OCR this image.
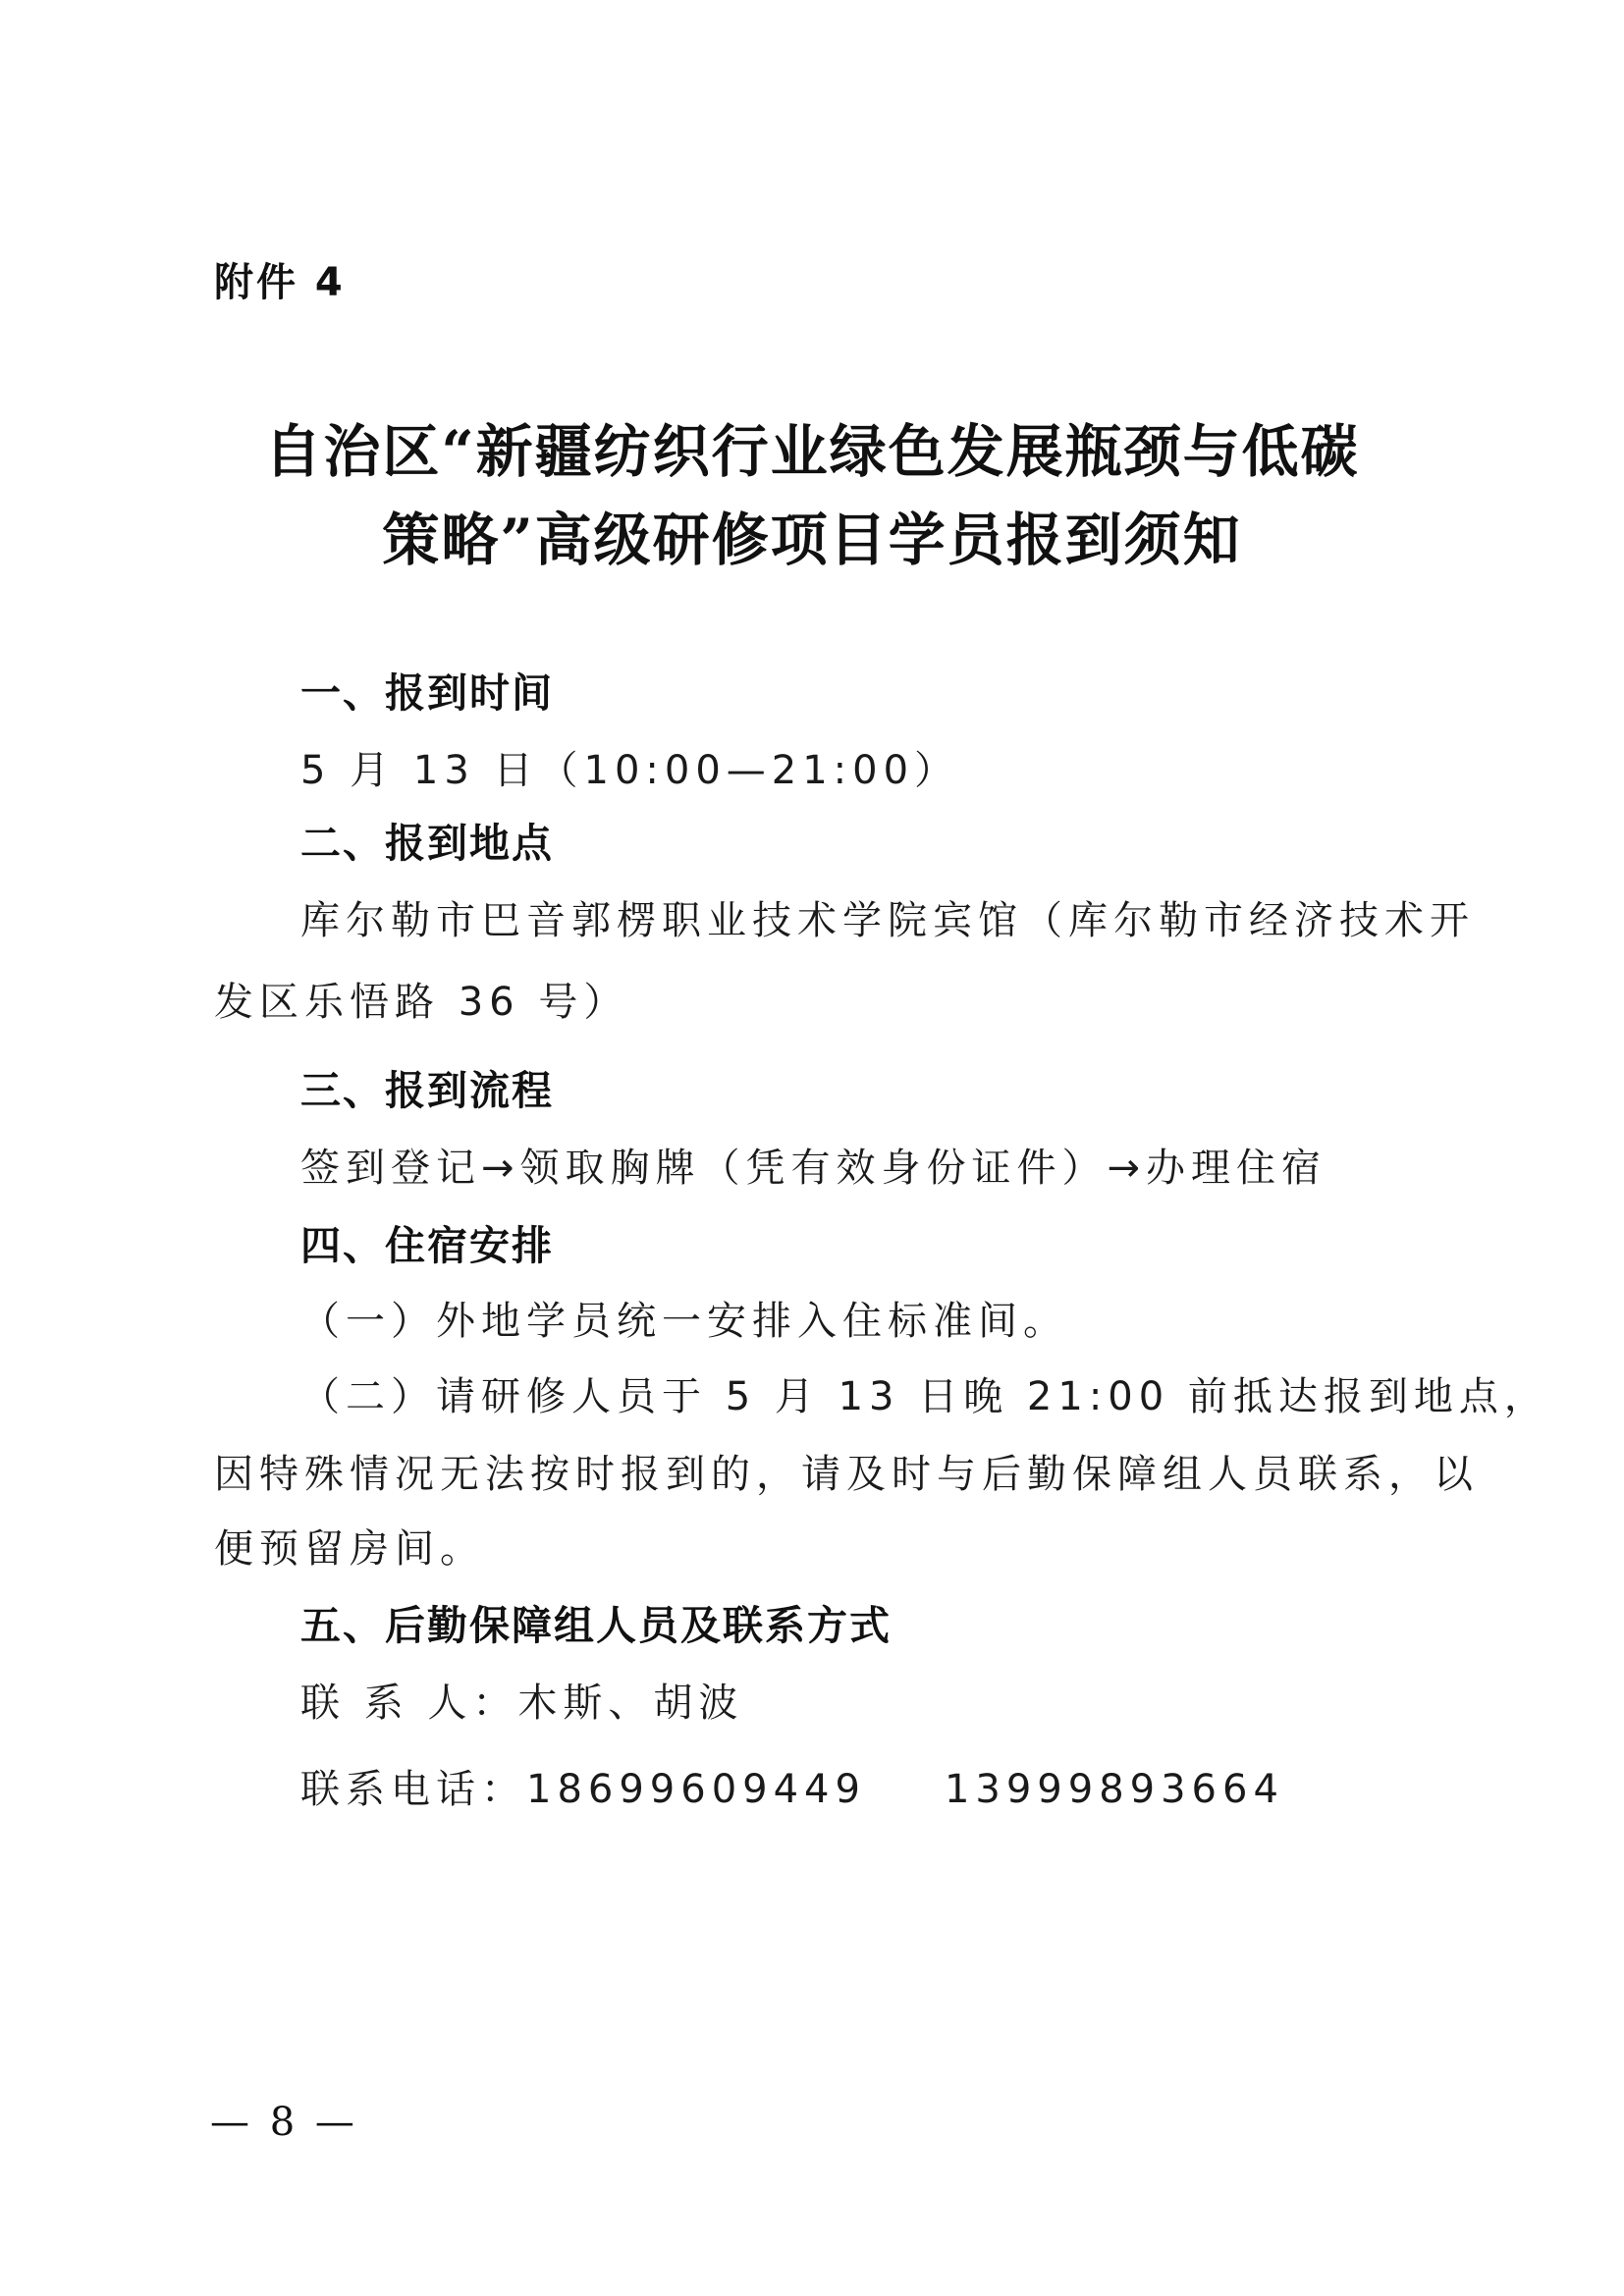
附件 4
自治区“新疆纺织行业绿色发展瓶颈与低碳
策略”高级研修项目学员报到须知
一、报到时间
5 月 13 日（10:00—21:00）
二、报到地点
库尔勒市巴音郭楞职业技术学院宾馆（库尔勒市经济技术开
发区乐悟路 36 号）
三、报到流程
签到登记→领取胸牌（凭有效身份证件）→办理住宿
四、住宿安排
（一）外地学员统一安排入住标准间。
（二）请研修人员于 5 月 13 日晚 21:00 前抵达报到地点，
因特殊情况无法按时报到的，请及时与后勤保障组人员联系，以
便预留房间。
五、后勤保障组人员及联系方式
联 系 人：木斯、胡波
联系电话：18699609449 13999893664
— 8 —
